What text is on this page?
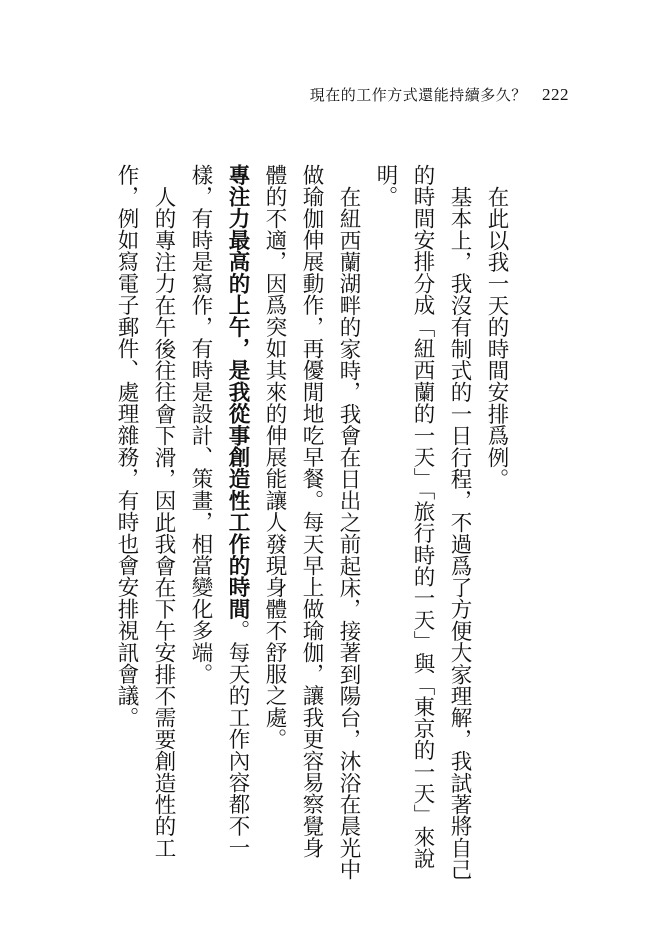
現在的工作方式還能持續多久？ 222

在此以我一天的時間安排爲例。

基本上，我沒有制式的一日行程，不過爲了方便大家理解，我試著將自己的時間安排分成「紐西蘭的一天」「旅行時的一天」與「東京的一天」來說明。

在紐西蘭湖畔的家時，我會在日出之前起床，接著到陽台，沐浴在晨光中做瑜伽伸展動作，再優閒地吃早餐。每天早上做瑜伽，讓我更容易察覺身體的不適，因爲突如其來的伸展能讓人發現身體不舒服之處。

專注力最高的上午，是我從事創造性工作的時間。每天的工作內容都不一樣，有時是寫作，有時是設計、策畫，相當變化多端。

人的專注力在午後往往會下滑，因此我會在下午安排不需要創造性的工作，例如寫電子郵件、處理雜務，有時也會安排視訊會議。
